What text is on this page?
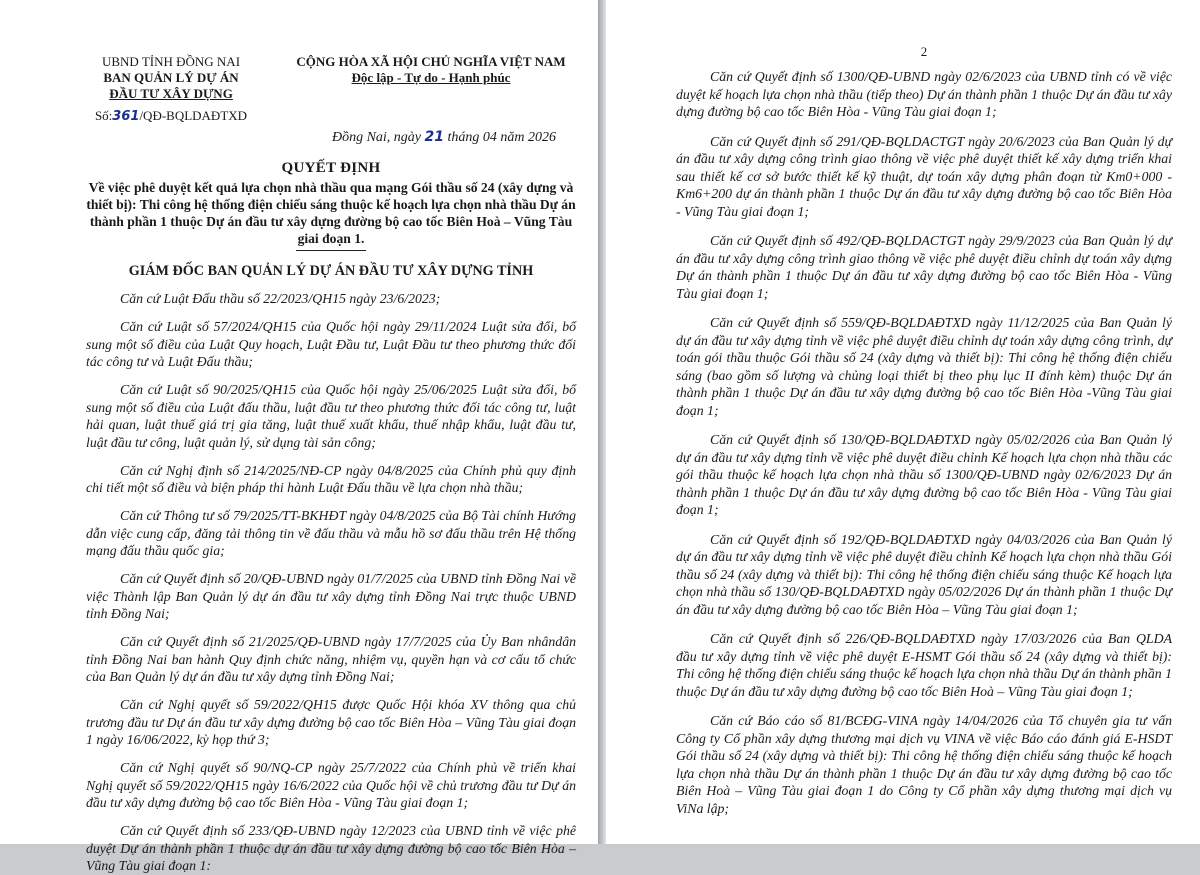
UBND TỈNH ĐỒNG NAI
BAN QUẢN LÝ DỰ ÁN
ĐẦU TƯ XÂY DỰNG
Số:361/QĐ-BQLDAĐTXD
CỘNG HÒA XÃ HỘI CHỦ NGHĨA VIỆT NAM
Độc lập - Tự do - Hạnh phúc
Đồng Nai, ngày 21 tháng 04 năm 2026
QUYẾT ĐỊNH

Về việc phê duyệt kết quả lựa chọn nhà thầu qua mạng Gói thầu số 24 (xây dựng và thiết bị): Thi công hệ thống điện chiếu sáng thuộc kế hoạch lựa chọn nhà thầu Dự án thành phần 1 thuộc Dự án đầu tư xây dựng đường bộ cao tốc Biên Hoà – Vũng Tàu giai đoạn 1.

GIÁM ĐỐC BAN QUẢN LÝ DỰ ÁN ĐẦU TƯ XÂY DỰNG TỈNH

Căn cứ Luật Đấu thầu số 22/2023/QH15 ngày 23/6/2023;

Căn cứ Luật số 57/2024/QH15 của Quốc hội ngày 29/11/2024 Luật sửa đổi, bổ sung một số điều của Luật Quy hoạch, Luật Đầu tư, Luật Đầu tư theo phương thức đối tác công tư và Luật Đấu thầu;

Căn cứ Luật số 90/2025/QH15 của Quốc hội ngày 25/06/2025 Luật sửa đổi, bổ sung một số điều của Luật đấu thầu, luật đầu tư theo phương thức đối tác công tư, luật hải quan, luật thuế giá trị gia tăng, luật thuế xuất khẩu, thuế nhập khẩu, luật đầu tư, luật đầu tư công, luật quản lý, sử dụng tài sản công;

Căn cứ Nghị định số 214/2025/NĐ-CP ngày 04/8/2025 của Chính phủ quy định chi tiết một số điều và biện pháp thi hành Luật Đấu thầu về lựa chọn nhà thầu;

Căn cứ Thông tư số 79/2025/TT-BKHĐT ngày 04/8/2025 của Bộ Tài chính Hướng dẫn việc cung cấp, đăng tải thông tin về đấu thầu và mẫu hồ sơ đấu thầu trên Hệ thống mạng đấu thầu quốc gia;

Căn cứ Quyết định số 20/QĐ-UBND ngày 01/7/2025 của UBND tỉnh Đồng Nai về việc Thành lập Ban Quản lý dự án đầu tư xây dựng tỉnh Đồng Nai trực thuộc UBND tỉnh Đồng Nai;

Căn cứ Quyết định số 21/2025/QĐ-UBND ngày 17/7/2025 của Ủy Ban nhândân tỉnh Đồng Nai ban hành Quy định chức năng, nhiệm vụ, quyền hạn và cơ cấu tổ chức của Ban Quản lý dự án đầu tư xây dựng tỉnh Đồng Nai;

Căn cứ Nghị quyết số 59/2022/QH15 được Quốc Hội khóa XV thông qua chủ trương đầu tư Dự án đầu tư xây dựng đường bộ cao tốc Biên Hòa – Vũng Tàu giai đoạn 1 ngày 16/06/2022, kỳ họp thứ 3;

Căn cứ Nghị quyết số 90/NQ-CP ngày 25/7/2022 của Chính phủ về triển khai Nghị quyết số 59/2022/QH15 ngày 16/6/2022 của Quốc hội về chủ trương đầu tư Dự án đầu tư xây dựng đường bộ cao tốc Biên Hòa - Vũng Tàu giai đoạn 1;

Căn cứ Quyết định số 233/QĐ-UBND ngày 12/2023 của UBND tỉnh về việc phê duyệt Dự án thành phần 1 thuộc dự án đầu tư xây dựng đường bộ cao tốc Biên Hòa – Vũng Tàu giai đoạn 1:

2

Căn cứ Quyết định số 1300/QĐ-UBND ngày 02/6/2023 của UBND tỉnh có về việc duyệt kế hoạch lựa chọn nhà thầu (tiếp theo) Dự án thành phần 1 thuộc Dự án đầu tư xây dựng đường bộ cao tốc Biên Hòa - Vũng Tàu giai đoạn 1;

Căn cứ Quyết định số 291/QĐ-BQLDACTGT ngày 20/6/2023 của Ban Quản lý dự án đầu tư xây dựng công trình giao thông về việc phê duyệt thiết kế xây dựng triển khai sau thiết kế cơ sở bước thiết kế kỹ thuật, dự toán xây dựng phân đoạn từ Km0+000 - Km6+200 dự án thành phần 1 thuộc Dự án đầu tư xây dựng đường bộ cao tốc Biên Hòa - Vũng Tàu giai đoạn 1;

Căn cứ Quyết định số 492/QĐ-BQLDACTGT ngày 29/9/2023 của Ban Quản lý dự án đầu tư xây dựng công trình giao thông về việc phê duyệt điều chỉnh dự toán xây dựng Dự án thành phần 1 thuộc Dự án đầu tư xây dựng đường bộ cao tốc Biên Hòa - Vũng Tàu giai đoạn 1;

Căn cứ Quyết định số 559/QĐ-BQLDAĐTXD ngày 11/12/2025 của Ban Quản lý dự án đầu tư xây dựng tỉnh về việc phê duyệt điều chỉnh dự toán xây dựng công trình, dự toán gói thầu thuộc Gói thầu số 24 (xây dựng và thiết bị): Thi công hệ thống điện chiếu sáng (bao gồm số lượng và chủng loại thiết bị theo phụ lục II đính kèm) thuộc Dự án thành phần 1 thuộc Dự án đầu tư xây dựng đường bộ cao tốc Biên Hòa -Vũng Tàu giai đoạn 1;

Căn cứ Quyết định số 130/QĐ-BQLDAĐTXD ngày 05/02/2026 của Ban Quản lý dự án đầu tư xây dựng tỉnh về việc phê duyệt điều chỉnh Kế hoạch lựa chọn nhà thầu các gói thầu thuộc kế hoạch lựa chọn nhà thầu số 1300/QĐ-UBND ngày 02/6/2023 Dự án thành phần 1 thuộc Dự án đầu tư xây dựng đường bộ cao tốc Biên Hòa - Vũng Tàu giai đoạn 1;

Căn cứ Quyết định số 192/QĐ-BQLDAĐTXD ngày 04/03/2026 của Ban Quản lý dự án đầu tư xây dựng tỉnh về việc phê duyệt điều chỉnh Kế hoạch lựa chọn nhà thầu Gói thầu số 24 (xây dựng và thiết bị): Thi công hệ thống điện chiếu sáng thuộc Kế hoạch lựa chọn nhà thầu số 130/QĐ-BQLDAĐTXD ngày 05/02/2026 Dự án thành phần 1 thuộc Dự án đầu tư xây dựng đường bộ cao tốc Biên Hòa – Vũng Tàu giai đoạn 1;

Căn cứ Quyết định số 226/QĐ-BQLDAĐTXD ngày 17/03/2026 của Ban QLDA đầu tư xây dựng tỉnh về việc phê duyệt E-HSMT Gói thầu số 24 (xây dựng và thiết bị): Thi công hệ thống điện chiếu sáng thuộc kế hoạch lựa chọn nhà thầu Dự án thành phần 1 thuộc Dự án đầu tư xây dựng đường bộ cao tốc Biên Hoà – Vũng Tàu giai đoạn 1;

Căn cứ Báo cáo số 81/BCĐG-VINA ngày 14/04/2026 của Tổ chuyên gia tư vấn Công ty Cổ phần xây dựng thương mại dịch vụ VINA về việc Báo cáo đánh giá E-HSDT Gói thầu số 24 (xây dựng và thiết bị): Thi công hệ thống điện chiếu sáng thuộc kế hoạch lựa chọn nhà thầu Dự án thành phần 1 thuộc Dự án đầu tư xây dựng đường bộ cao tốc Biên Hoà – Vũng Tàu giai đoạn 1 do Công ty Cổ phần xây dựng thương mại dịch vụ ViNa lập;
